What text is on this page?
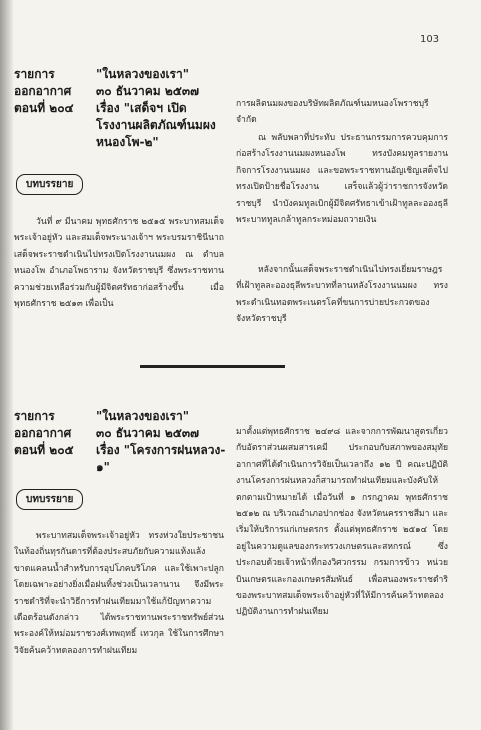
103
รายการ	"ในหลวงของเรา"
ออกอากาศ ๓๐ ธันวาคม ๒๕๓๗
ตอนที่ ๒๐๔ เรื่อง "เสด็จฯ เปิด
โรงงานผลิตภัณฑ์นมผง
หนองโพ-๒"
บทบรรยาย
วันที่ ๙ มีนาคม พุทธศักราช ๒๕๑๕ พระบาทสมเด็จพระเจ้าอยู่หัว และสมเด็จพระนางเจ้าฯ พระบรมราชินีนาถ เสด็จพระราชดำเนินไปทรงเปิดโรงงานนมผง ณ ตำบลหนองโพ อำเภอโพธาราม จังหวัดราชบุรี ซึ่งพระราชทานความช่วยเหลือร่วมกับผู้มีจิตศรัทธาก่อสร้างขึ้น เมื่อพุทธศักราช ๒๕๑๓ เพื่อเป็น
การผลิตนมผงของบริษัทผลิตภัณฑ์นมหนองโพราชบุรี จำกัด
ณ พลับพลาที่ประทับ ประธานกรรมการควบคุมการก่อสร้างโรงงานนมผงหนองโพ ทรงบังคมทูลรายงานกิจการโรงงานนมผง และขอพระราชทานอัญเชิญเสด็จไปทรงเปิดป้ายชื่อโรงงาน เสร็จแล้วผู้ว่าราชการจังหวัดราชบุรี นำบังคมทูลเบิกผู้มีจิตศรัทธาเข้าเฝ้าทูลละอองธุลีพระบาททูลเกล้าทูลกระหม่อมถวายเงิน
หลังจากนั้นเสด็จพระราชดำเนินไปทรงเยี่ยมราษฎรที่เฝ้าทูลละอองธุลีพระบาทที่ลานหลังโรงงานนมผง ทรงพระดำเนินทอดพระเนตรโคที่ขนการบ่ายประกวดของจังหวัดราชบุรี
รายการ	"ในหลวงของเรา"
ออกอากาศ ๓๐ ธันวาคม ๒๕๓๗
ตอนที่ ๒๐๕ เรื่อง "โครงการฝนหลวง-
๑"
บทบรรยาย
พระบาทสมเด็จพระเจ้าอยู่หัว ทรงห่วงใยประชาชนในท้องถิ่นทุรกันดารที่ต้องประสบภัยกับความแห้งแล้ง ขาดแคลนน้ำสำหรับการอุปโภคบริโภค และใช้เพาะปลูก โดยเฉพาะอย่างยิ่งเมื่อฝนทิ้งช่วงเป็นเวลานาน จึงมีพระราชดำริที่จะนำวิธีการทำฝนเทียมมาใช้แก้ปัญหาความเดือดร้อนดังกล่าว ได้พระราชทานพระราชทรัพย์ส่วนพระองค์ให้หม่อมราชวงศ์เทพฤทธิ์ เทวกุล ใช้ในการศึกษาวิจัยค้นคว้าทดลองการทำฝนเทียม
มาตั้งแต่พุทธศักราช ๒๔๙๘ และจากการพัฒนาสูตรเกี่ยวกับอัตราส่วนผสมสารเคมี ประกอบกับสภาพของสมุทัยอากาศที่ได้ดำเนินการวิจัยเป็นเวลาถึง ๑๒ ปี คณะปฏิบัติงานโครงการฝนหลวงก็สามารถทำฝนเทียมและบังคับให้ตกตามเป้าหมายได้ เมื่อวันที่ ๑ กรกฎาคม พุทธศักราช ๒๕๑๒ ณ บริเวณอำเภอปากช่อง จังหวัดนครราชสีมา และเริ่มให้บริการแก่เกษตรกร ตั้งแต่พุทธศักราช ๒๕๑๔ โดยอยู่ในความดูแลของกระทรวงเกษตรและสหกรณ์ ซึ่งประกอบด้วยเจ้าหน้าที่กองวิศวกรรม กรมการข้าว หน่วยบินเกษตรและกองเกษตรสัมพันธ์ เพื่อสนองพระราชดำริของพระบาทสมเด็จพระเจ้าอยู่หัวที่ให้มีการค้นคว้าทดลองปฏิบัติงานการทำฝนเทียม
